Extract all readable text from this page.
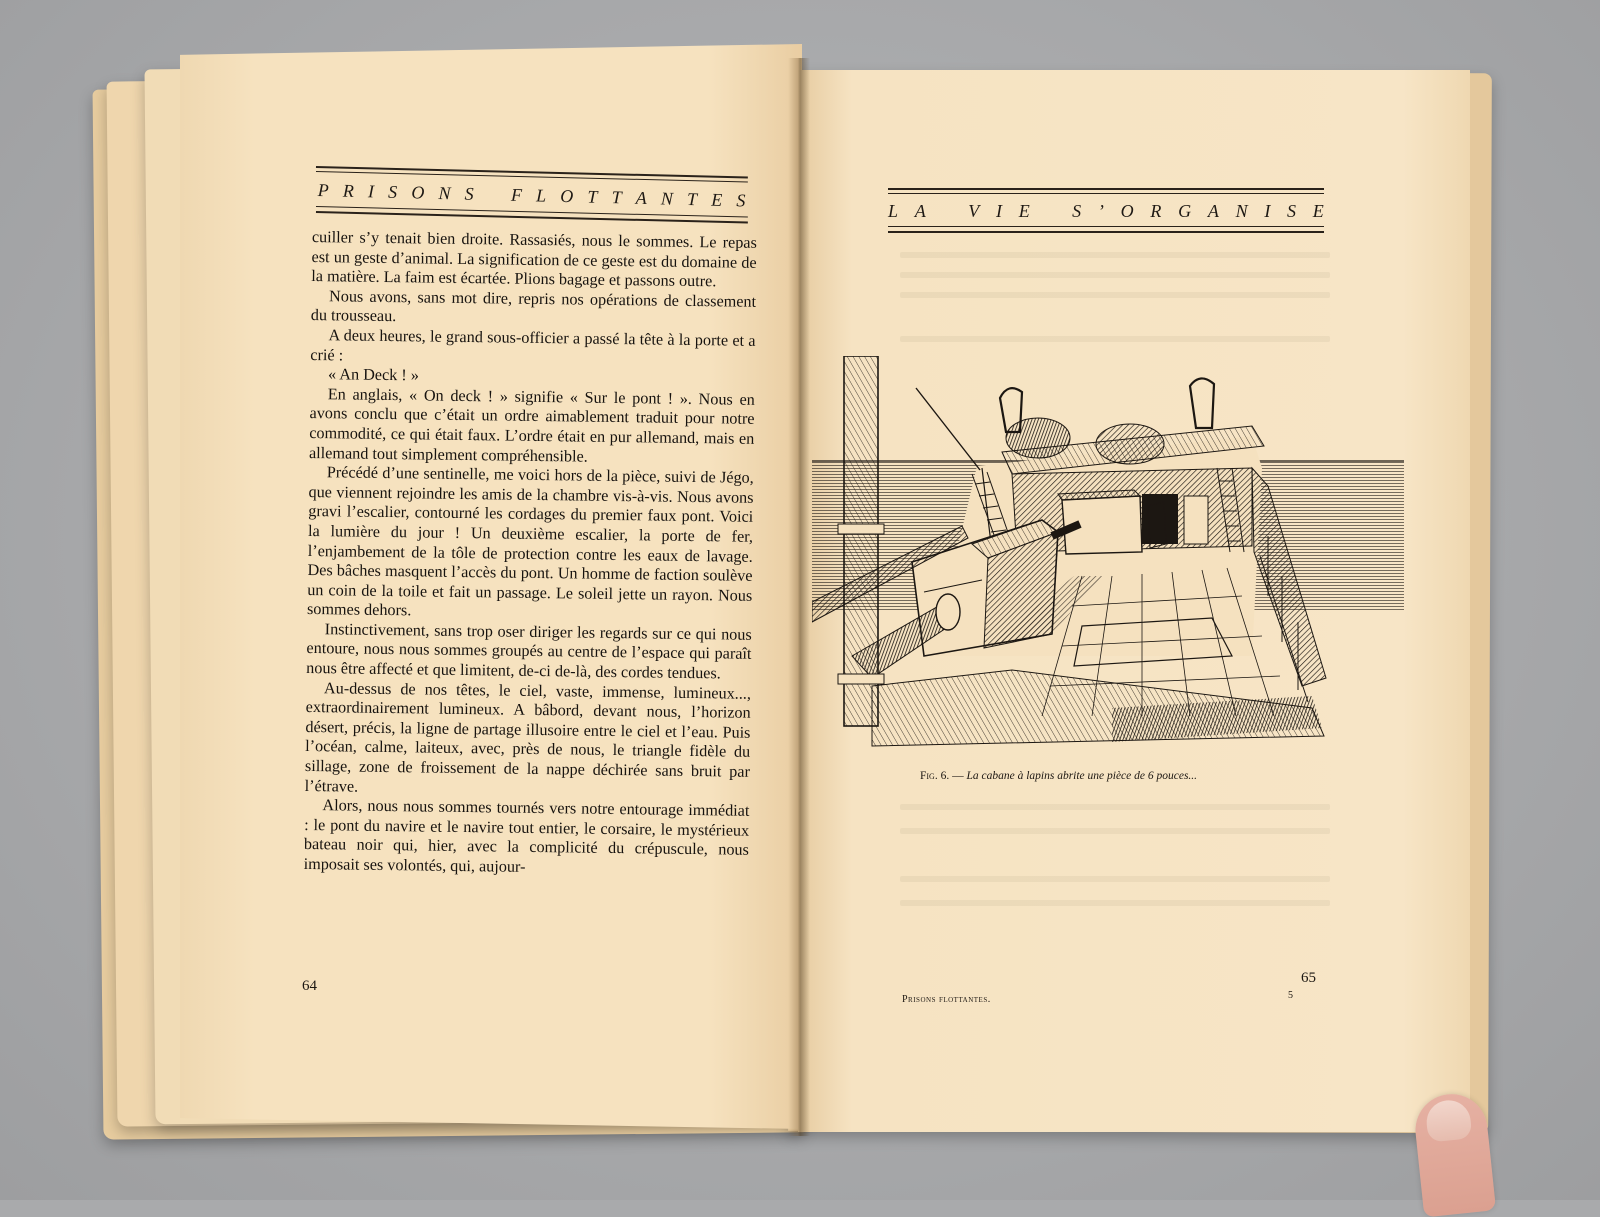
P R I S O N S
F L O T T A N T E S

cuiller s’y tenait bien droite. Rassasiés, nous le sommes. Le repas est un geste d’animal. La signification de ce geste est du domaine de la matière. La faim est écartée. Plions bagage et passons outre.

Nous avons, sans mot dire, repris nos opérations de classement du trousseau.

A deux heures, le grand sous-officier a passé la tête à la porte et a crié :

« An Deck ! »

En anglais, « On deck ! » signifie « Sur le pont ! ». Nous en avons conclu que c’était un ordre aimablement traduit pour notre commodité, ce qui était faux. L’ordre était en pur allemand, mais en allemand tout simplement compréhensible.

Précédé d’une sentinelle, me voici hors de la pièce, suivi de Jégo, que viennent rejoindre les amis de la chambre vis-à-vis. Nous avons gravi l’escalier, contourné les cordages du premier faux pont. Voici la lumière du jour ! Un deuxième escalier, la porte de fer, l’enjambement de la tôle de protection contre les eaux de lavage. Des bâches masquent l’accès du pont. Un homme de faction soulève un coin de la toile et fait un passage. Le soleil jette un rayon. Nous sommes dehors.

Instinctivement, sans trop oser diriger les regards sur ce qui nous entoure, nous nous sommes groupés au centre de l’espace qui paraît nous être affecté et que limitent, de-ci de-là, des cordes tendues.

Au-dessus de nos têtes, le ciel, vaste, immense, lumineux..., extraordinairement lumineux. A bâbord, devant nous, l’horizon désert, précis, la ligne de partage illusoire entre le ciel et l’eau. Puis l’océan, calme, laiteux, avec, près de nous, le triangle fidèle du sillage, zone de froissement de la nappe déchirée sans bruit par l’étrave.

Alors, nous nous sommes tournés vers notre entourage immédiat : le pont du navire et le navire tout entier, le corsaire, le mystérieux bateau noir qui, hier, avec la complicité du crépuscule, nous imposait ses volontés, qui, aujour-

64
L A
V I E
S ’ O R G A N I S E
Fig. 6. — La cabane à lapins abrite une pièce de 6 pouces...
65
Prisons flottantes.	5
